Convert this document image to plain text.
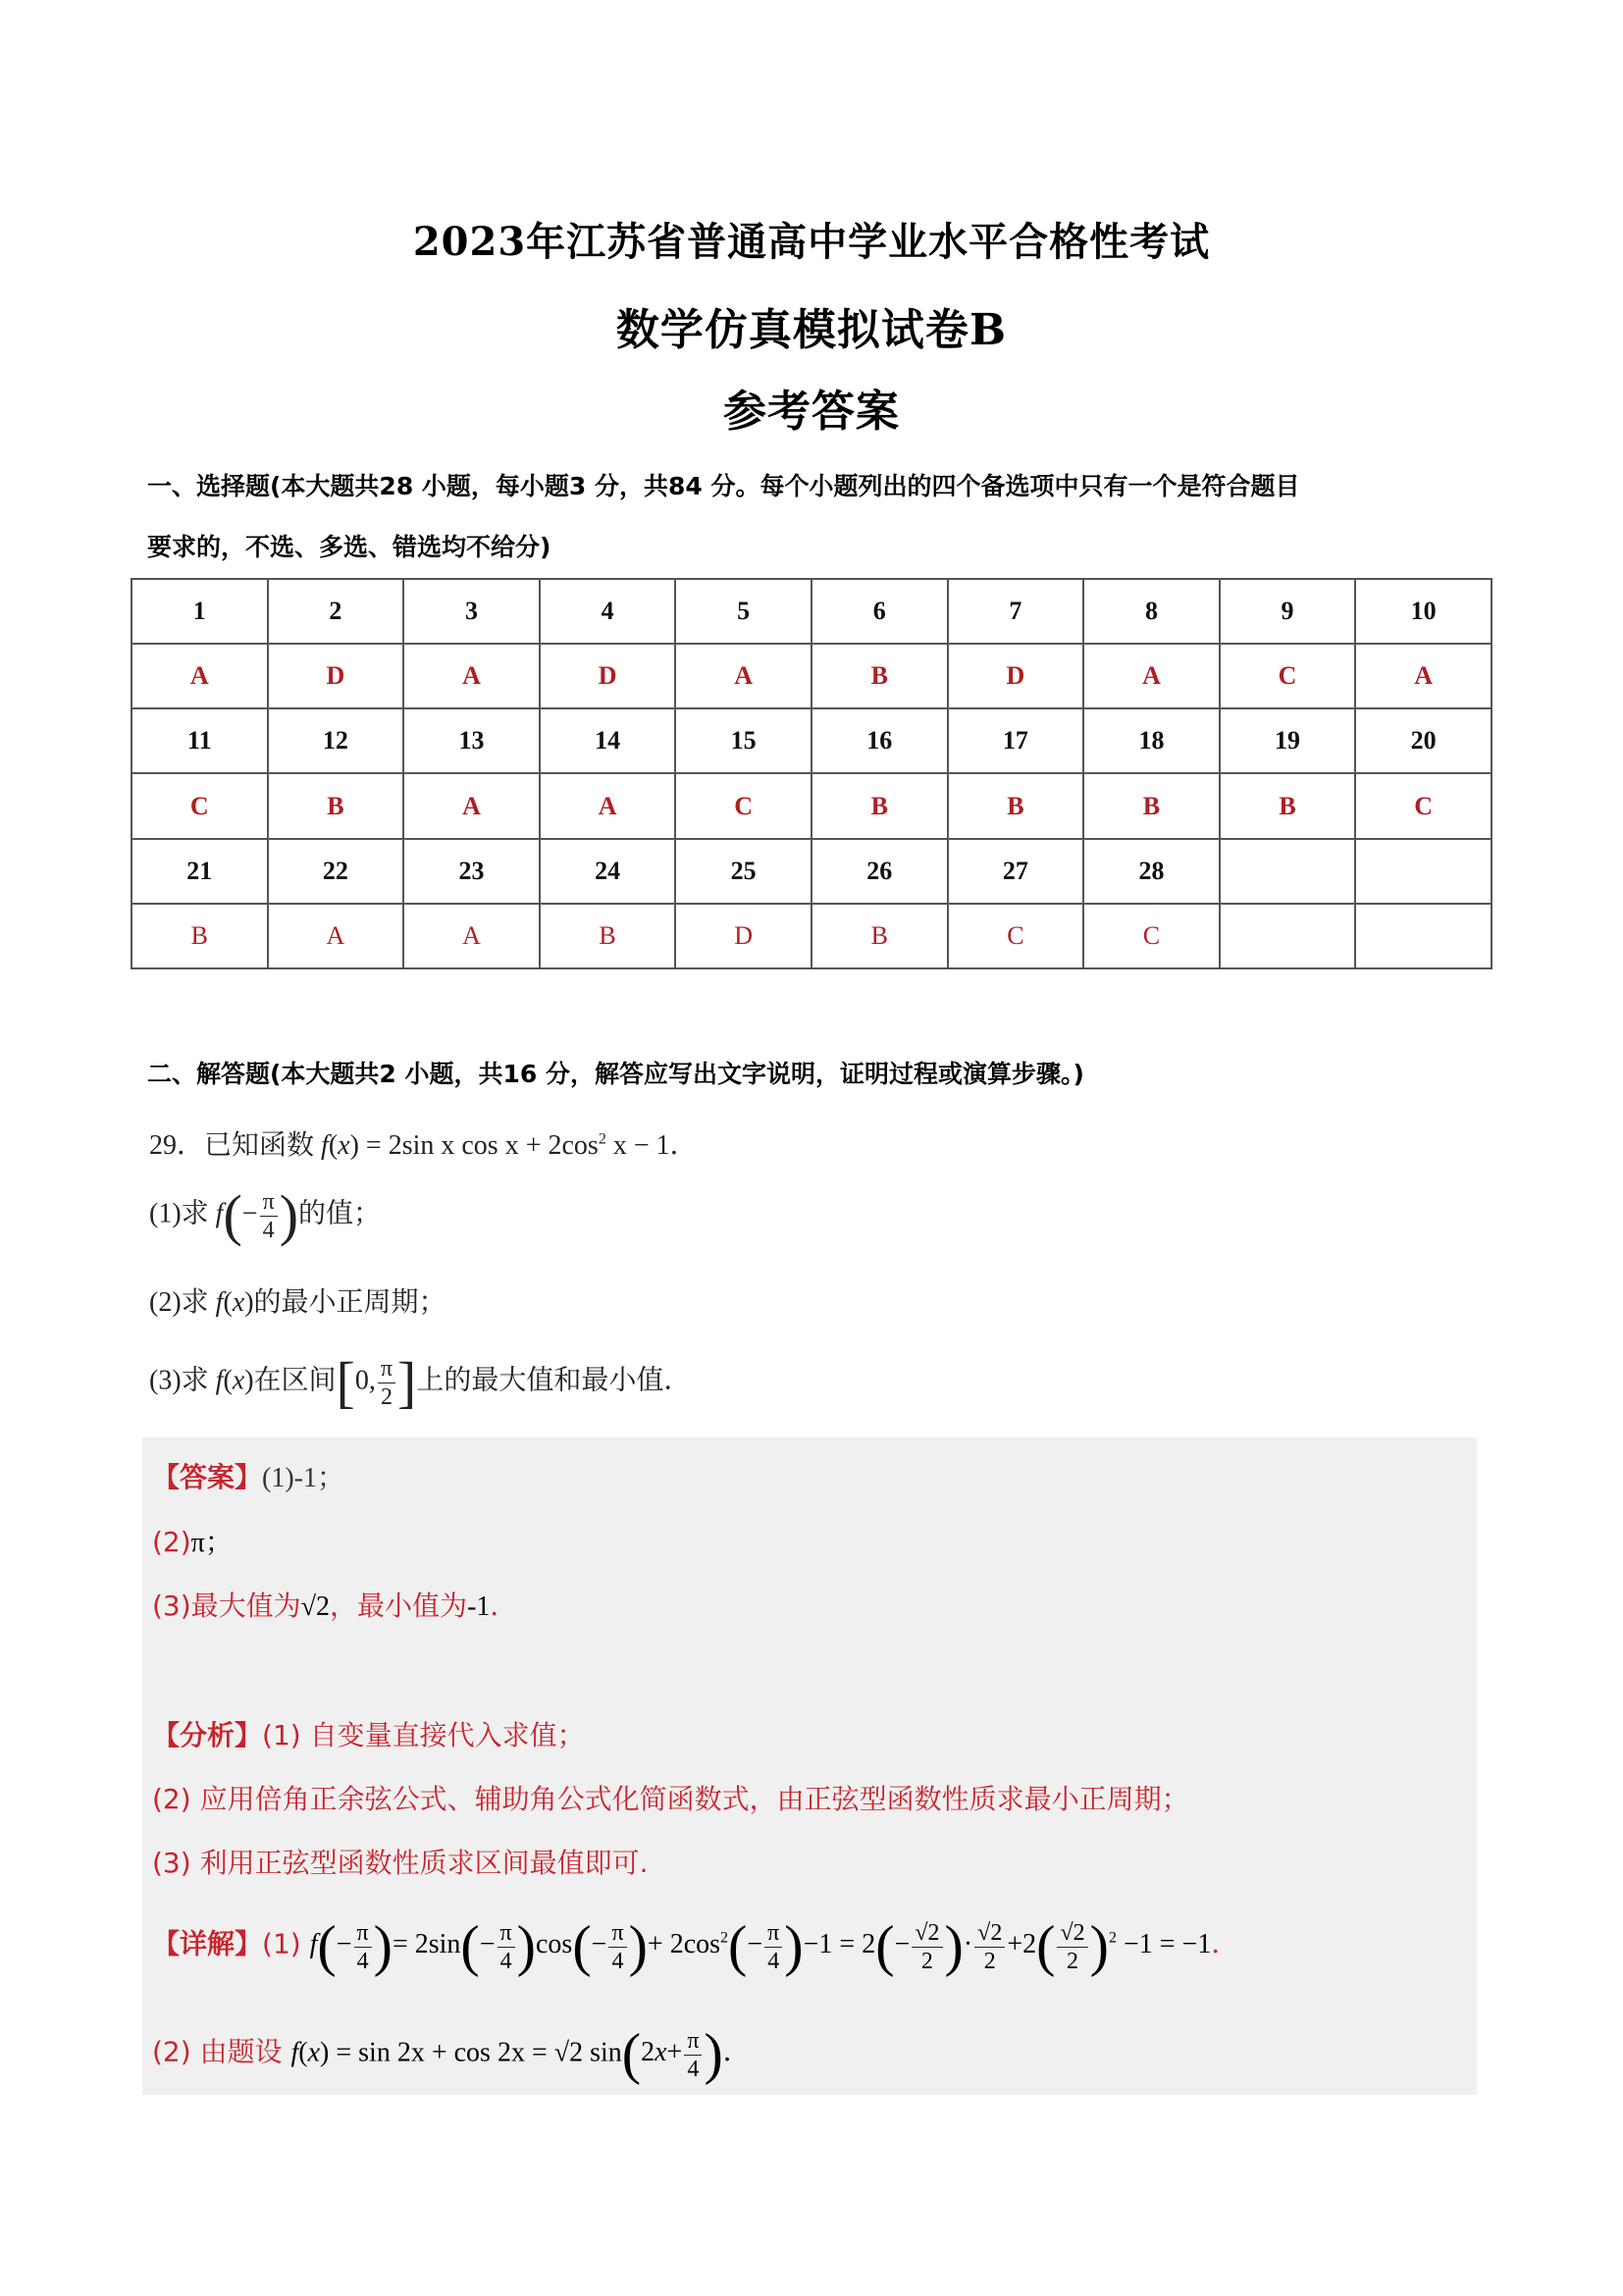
2023年江苏省普通高中学业水平合格性考试
数学仿真模拟试卷B
参考答案
一、选择题(本大题共28 小题，每小题3 分，共84 分。每个小题列出的四个备选项中只有一个是符合题目
要求的，不选、多选、错选均不给分)
1	2	3	4	5	6	7	8	9	10
A	D	A	D	A	B	D	A	C	A
11	12	13	14	15	16	17	18	19	20
C	B	A	A	C	B	B	B	B	C
21	22	23	24	25	26	27	28		
B	A	A	B	D	B	C	C		
二、解答题(本大题共2 小题，共16 分，解答应写出文字说明，证明过程或演算步骤。)
29．已知函数 f(x) = 2sin x $\cos x + 2\cos^2$ x − 1．
(1)求 $f(- \frac{\pi}{4}$ )的值；
(2)求 f(x)的最小正周期；
(3)求 f(x)在区间[0, $\frac{\pi}{2}$ ]上的最大值和最小值．
【答案】(1)-1；
(2)π；
(3)最大值为√2，最小值为-1．
【分析】(1) 自变量直接代入求值；
(2) 应用倍角正余弦公式、辅助角公式化简函数式，由正弦型函数性质求最小正周期；
(3) 利用正弦型函数性质求区间最值即可.
【详解】(1) $f(- \frac{\pi}{4}$ )= $2\sin(- \frac{\pi}{4} )\cos(- \frac{\pi}{4}$ )+ $2\cos^2(- \frac{\pi}{4} )-1 = 2(- \frac{√2}{2}$ )· $\frac{√2}{2} +2( \frac{√2}{2} )^2 -1 = -1$．
(2) 由题设 f(x) = sin 2x + cos 2x = √2 $\sin(2x+ \frac{\pi}{4}$ )．
